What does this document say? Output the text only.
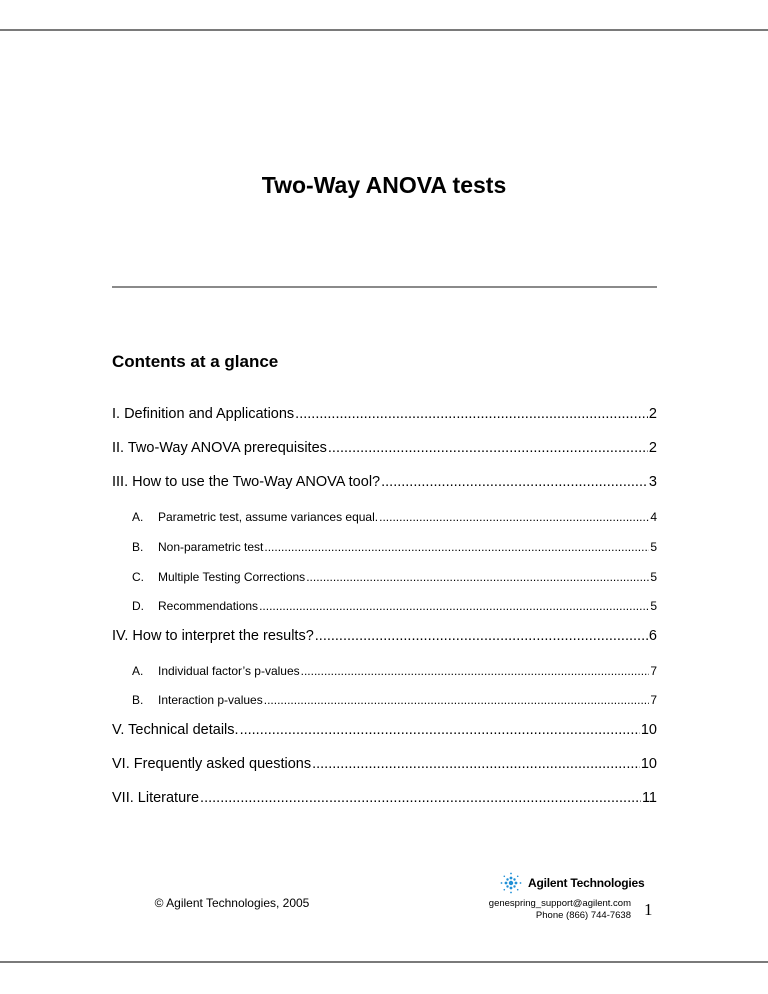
Two-Way ANOVA tests
Contents at a glance
I. Definition and Applications .....	2
II. Two-Way ANOVA prerequisites .....	2
III. How to use the Two-Way ANOVA tool? .....	3
A. Parametric test, assume variances equal. .....	4
B. Non-parametric test .....	5
C. Multiple Testing Corrections .....	5
D. Recommendations .....	5
IV. How to interpret the results? .....	6
A. Individual factor’s p-values .....	7
B. Interaction p-values .....	7
V. Technical details. .....	10
VI. Frequently asked questions .....	10
VII. Literature .....	11
© Agilent Technologies, 2005
Agilent Technologies
genespring_support@agilent.com
Phone (866) 744-7638 1
